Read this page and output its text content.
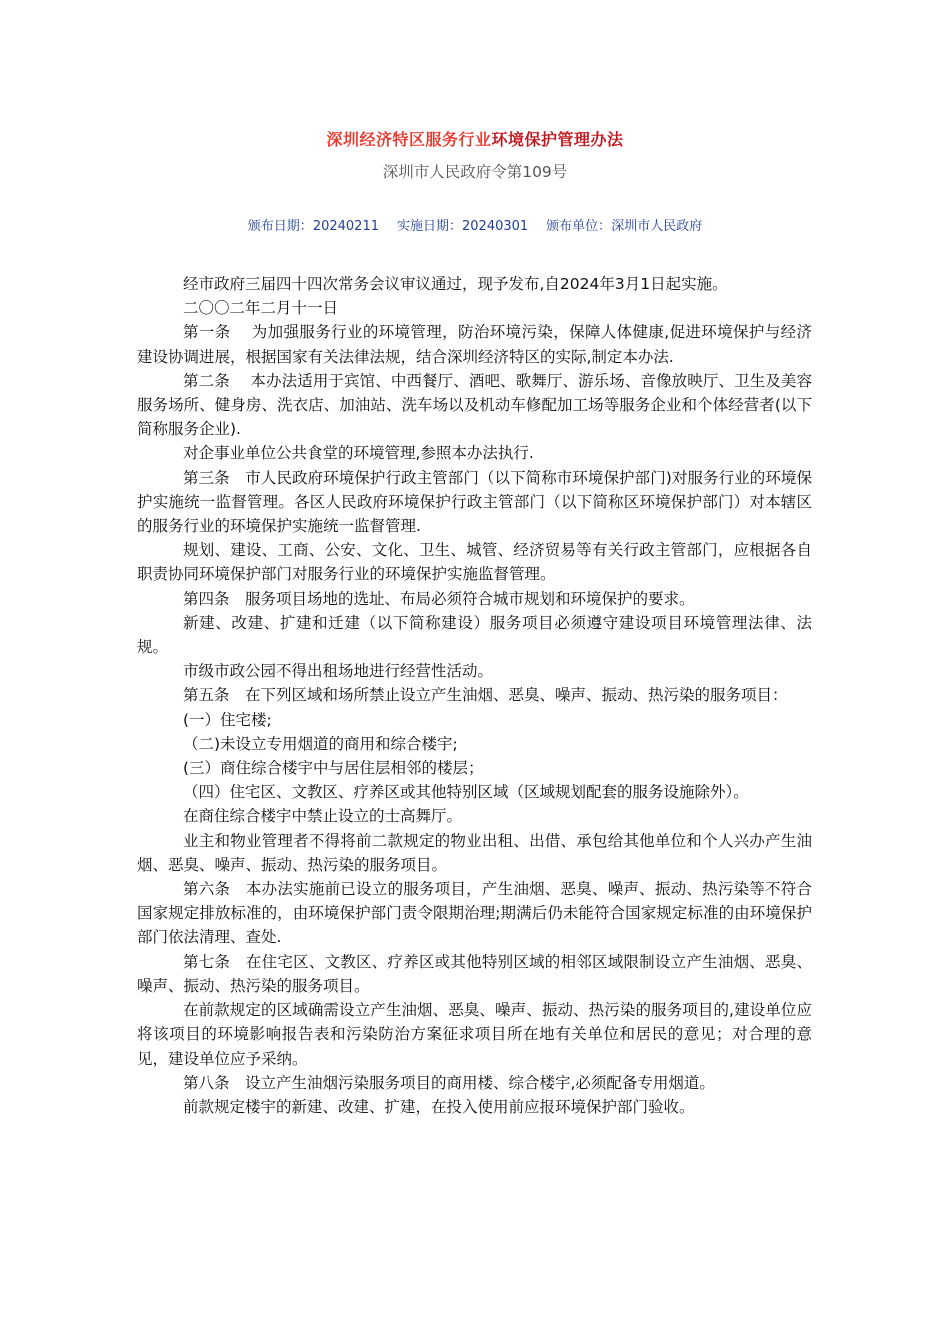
深圳经济特区服务行业环境保护管理办法
深圳市人民政府令第109号
颁布日期：20240211 实施日期：20240301 颁布单位：深圳市人民政府

经市政府三届四十四次常务会议审议通过，现予发布,自2024年3月1日起实施。

二〇〇二年二月十一日

第一条　 为加强服务行业的环境管理，防治环境污染，保障人体健康,促进环境保护与经济建设协调进展，根据国家有关法律法规，结合深圳经济特区的实际,制定本办法.

第二条　 本办法适用于宾馆、中西餐厅、酒吧、歌舞厅、游乐场、音像放映厅、卫生及美容服务场所、健身房、洗衣店、加油站、洗车场以及机动车修配加工场等服务企业和个体经营者(以下简称服务企业).

对企事业单位公共食堂的环境管理,参照本办法执行.

第三条　市人民政府环境保护行政主管部门（以下简称市环境保护部门)对服务行业的环境保护实施统一监督管理。各区人民政府环境保护行政主管部门（以下简称区环境保护部门）对本辖区的服务行业的环境保护实施统一监督管理.

规划、建设、工商、公安、文化、卫生、城管、经济贸易等有关行政主管部门，应根据各自职责协同环境保护部门对服务行业的环境保护实施监督管理。

第四条　服务项目场地的选址、布局必须符合城市规划和环境保护的要求。

新建、改建、扩建和迁建（以下简称建设）服务项目必须遵守建设项目环境管理法律、法规。

市级市政公园不得出租场地进行经营性活动。

第五条　在下列区域和场所禁止设立产生油烟、恶臭、噪声、振动、热污染的服务项目：

(一）住宅楼;

（二)未设立专用烟道的商用和综合楼宇;

(三）商住综合楼宇中与居住层相邻的楼层；

（四）住宅区、文教区、疗养区或其他特别区域（区域规划配套的服务设施除外）。

在商住综合楼宇中禁止设立的士高舞厅。

业主和物业管理者不得将前二款规定的物业出租、出借、承包给其他单位和个人兴办产生油烟、恶臭、噪声、振动、热污染的服务项目。

第六条　本办法实施前已设立的服务项目，产生油烟、恶臭、噪声、振动、热污染等不符合国家规定排放标准的，由环境保护部门责令限期治理;期满后仍未能符合国家规定标准的由环境保护部门依法清理、查处.

第七条　在住宅区、文教区、疗养区或其他特别区域的相邻区域限制设立产生油烟、恶臭、噪声、振动、热污染的服务项目。

在前款规定的区域确需设立产生油烟、恶臭、噪声、振动、热污染的服务项目的,建设单位应将该项目的环境影响报告表和污染防治方案征求项目所在地有关单位和居民的意见；对合理的意见，建设单位应予采纳。

第八条　设立产生油烟污染服务项目的商用楼、综合楼宇,必须配备专用烟道。

前款规定楼宇的新建、改建、扩建，在投入使用前应报环境保护部门验收。
